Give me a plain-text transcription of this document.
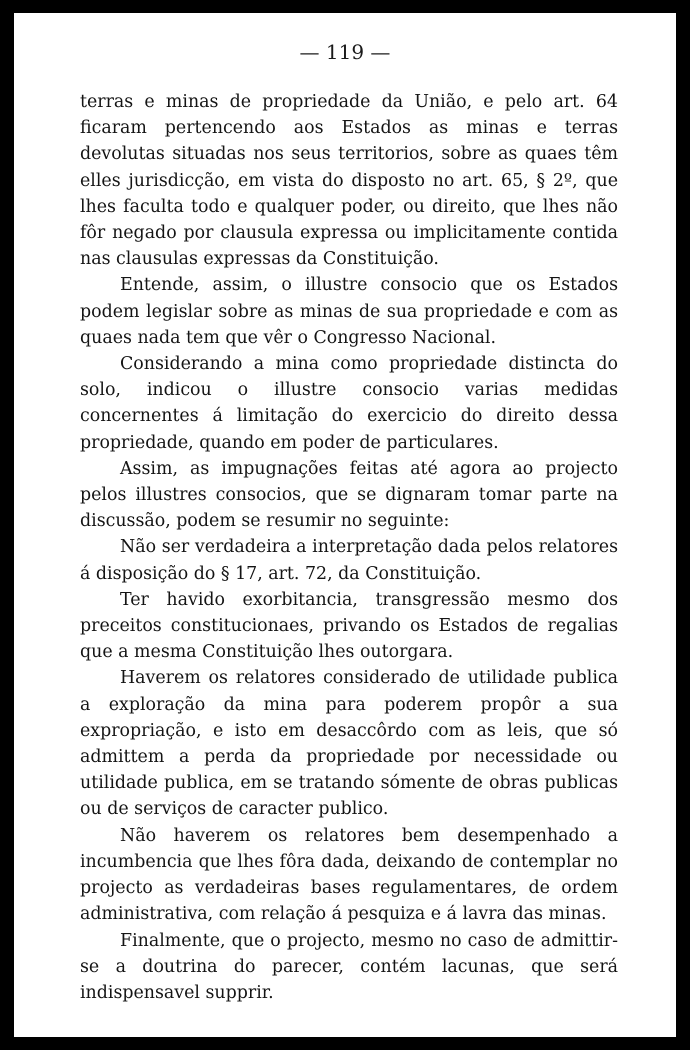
— 119 —

terras e minas de propriedade da União, e pelo art. 64 ficaram pertencendo aos Estados as minas e terras devolutas situadas nos seus territorios, sobre as quaes têm elles jurisdicção, em vista do disposto no art. 65, § 2º, que lhes faculta todo e qualquer poder, ou direito, que lhes não fôr negado por clausula expressa ou implicitamente contida nas clausulas expressas da Constituição.

Entende, assim, o illustre consocio que os Estados podem legislar sobre as minas de sua propriedade e com as quaes nada tem que vêr o Congresso Nacional.

Considerando a mina como propriedade distincta do solo, indicou o illustre consocio varias medidas concernentes á limitação do exercicio do direito dessa propriedade, quando em poder de particulares.

Assim, as impugnações feitas até agora ao projecto pelos illustres consocios, que se dignaram tomar parte na discussão, podem se resumir no seguinte:

Não ser verdadeira a interpretação dada pelos relatores á disposição do § 17, art. 72, da Constituição.

Ter havido exorbitancia, transgressão mesmo dos preceitos constitucionaes, privando os Estados de regalias que a mesma Constituição lhes outorgara.

Haverem os relatores considerado de utilidade publica a exploração da mina para poderem propôr a sua expropriação, e isto em desaccôrdo com as leis, que só admittem a perda da propriedade por necessidade ou utilidade publica, em se tratando sómente de obras publicas ou de serviços de caracter publico.

Não haverem os relatores bem desempenhado a incumbencia que lhes fôra dada, deixando de contemplar no projecto as verdadeiras bases regulamentares, de ordem administrativa, com relação á pesquiza e á lavra das minas.

Finalmente, que o projecto, mesmo no caso de admittir-se a doutrina do parecer, contém lacunas, que será indispensavel supprir.
